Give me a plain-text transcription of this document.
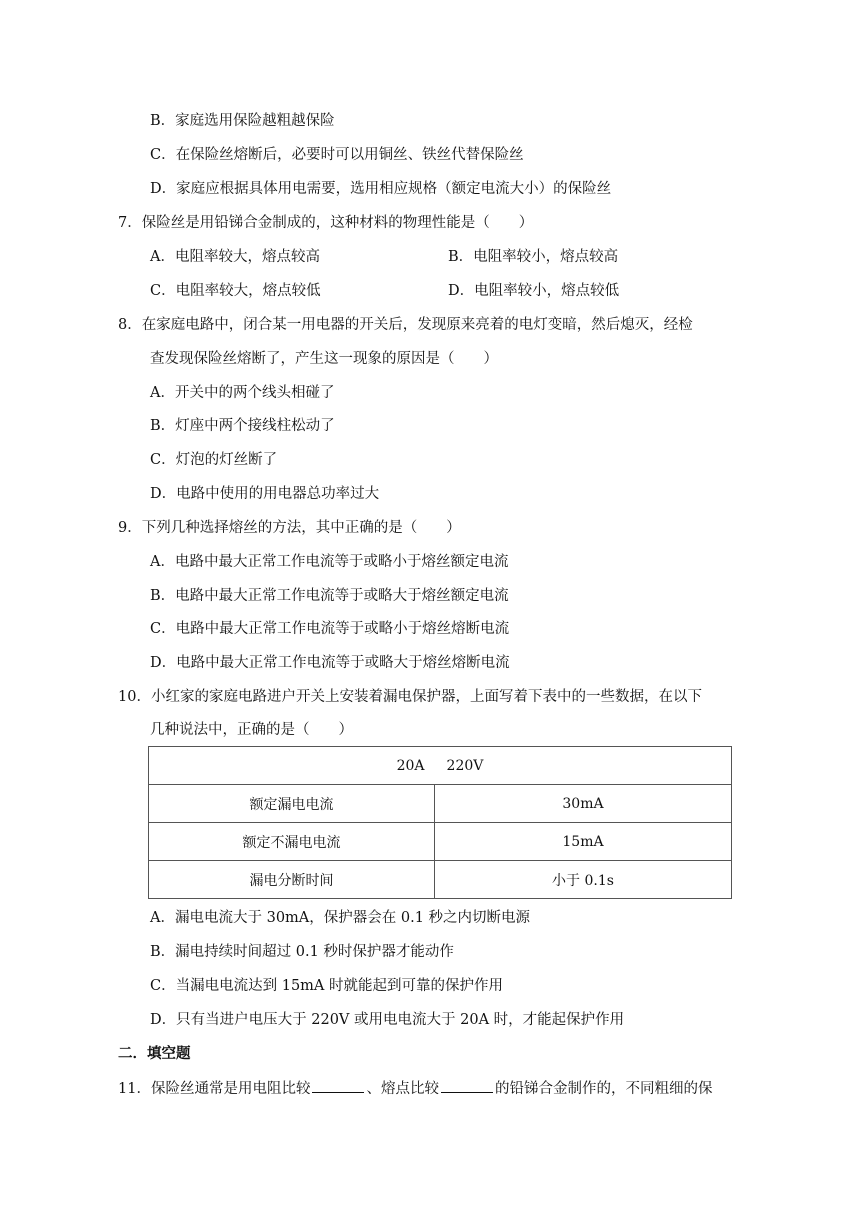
B．家庭选用保险越粗越保险
C．在保险丝熔断后，必要时可以用铜丝、铁丝代替保险丝
D．家庭应根据具体用电需要，选用相应规格（额定电流大小）的保险丝
7．保险丝是用铅锑合金制成的，这种材料的物理性能是（　　）
A．电阻率较大，熔点较高	B．电阻率较小，熔点较高
C．电阻率较大，熔点较低	D．电阻率较小，熔点较低
8．在家庭电路中，闭合某一用电器的开关后，发现原来亮着的电灯变暗，然后熄灭，经检
查发现保险丝熔断了，产生这一现象的原因是（　　）
A．开关中的两个线头相碰了
B．灯座中两个接线柱松动了
C．灯泡的灯丝断了
D．电路中使用的用电器总功率过大
9．下列几种选择熔丝的方法，其中正确的是（　　）
A．电路中最大正常工作电流等于或略小于熔丝额定电流
B．电路中最大正常工作电流等于或略大于熔丝额定电流
C．电路中最大正常工作电流等于或略小于熔丝熔断电流
D．电路中最大正常工作电流等于或略大于熔丝熔断电流
10．小红家的家庭电路进户开关上安装着漏电保护器，上面写着下表中的一些数据，在以下
几种说法中，正确的是（　　）
20A 220V	
额定漏电电流	30mA
额定不漏电电流	15mA
漏电分断时间	小于 0.1s
A．漏电电流大于 30mA，保护器会在 0.1 秒之内切断电源
B．漏电持续时间超过 0.1 秒时保护器才能动作
C．当漏电电流达到 15mA 时就能起到可靠的保护作用
D．只有当进户电压大于 220V 或用电电流大于 20A 时，才能起保护作用
二．填空题
11．保险丝通常是用电阻比较	、熔点比较	的铅锑合金制作的，不同粗细的保
